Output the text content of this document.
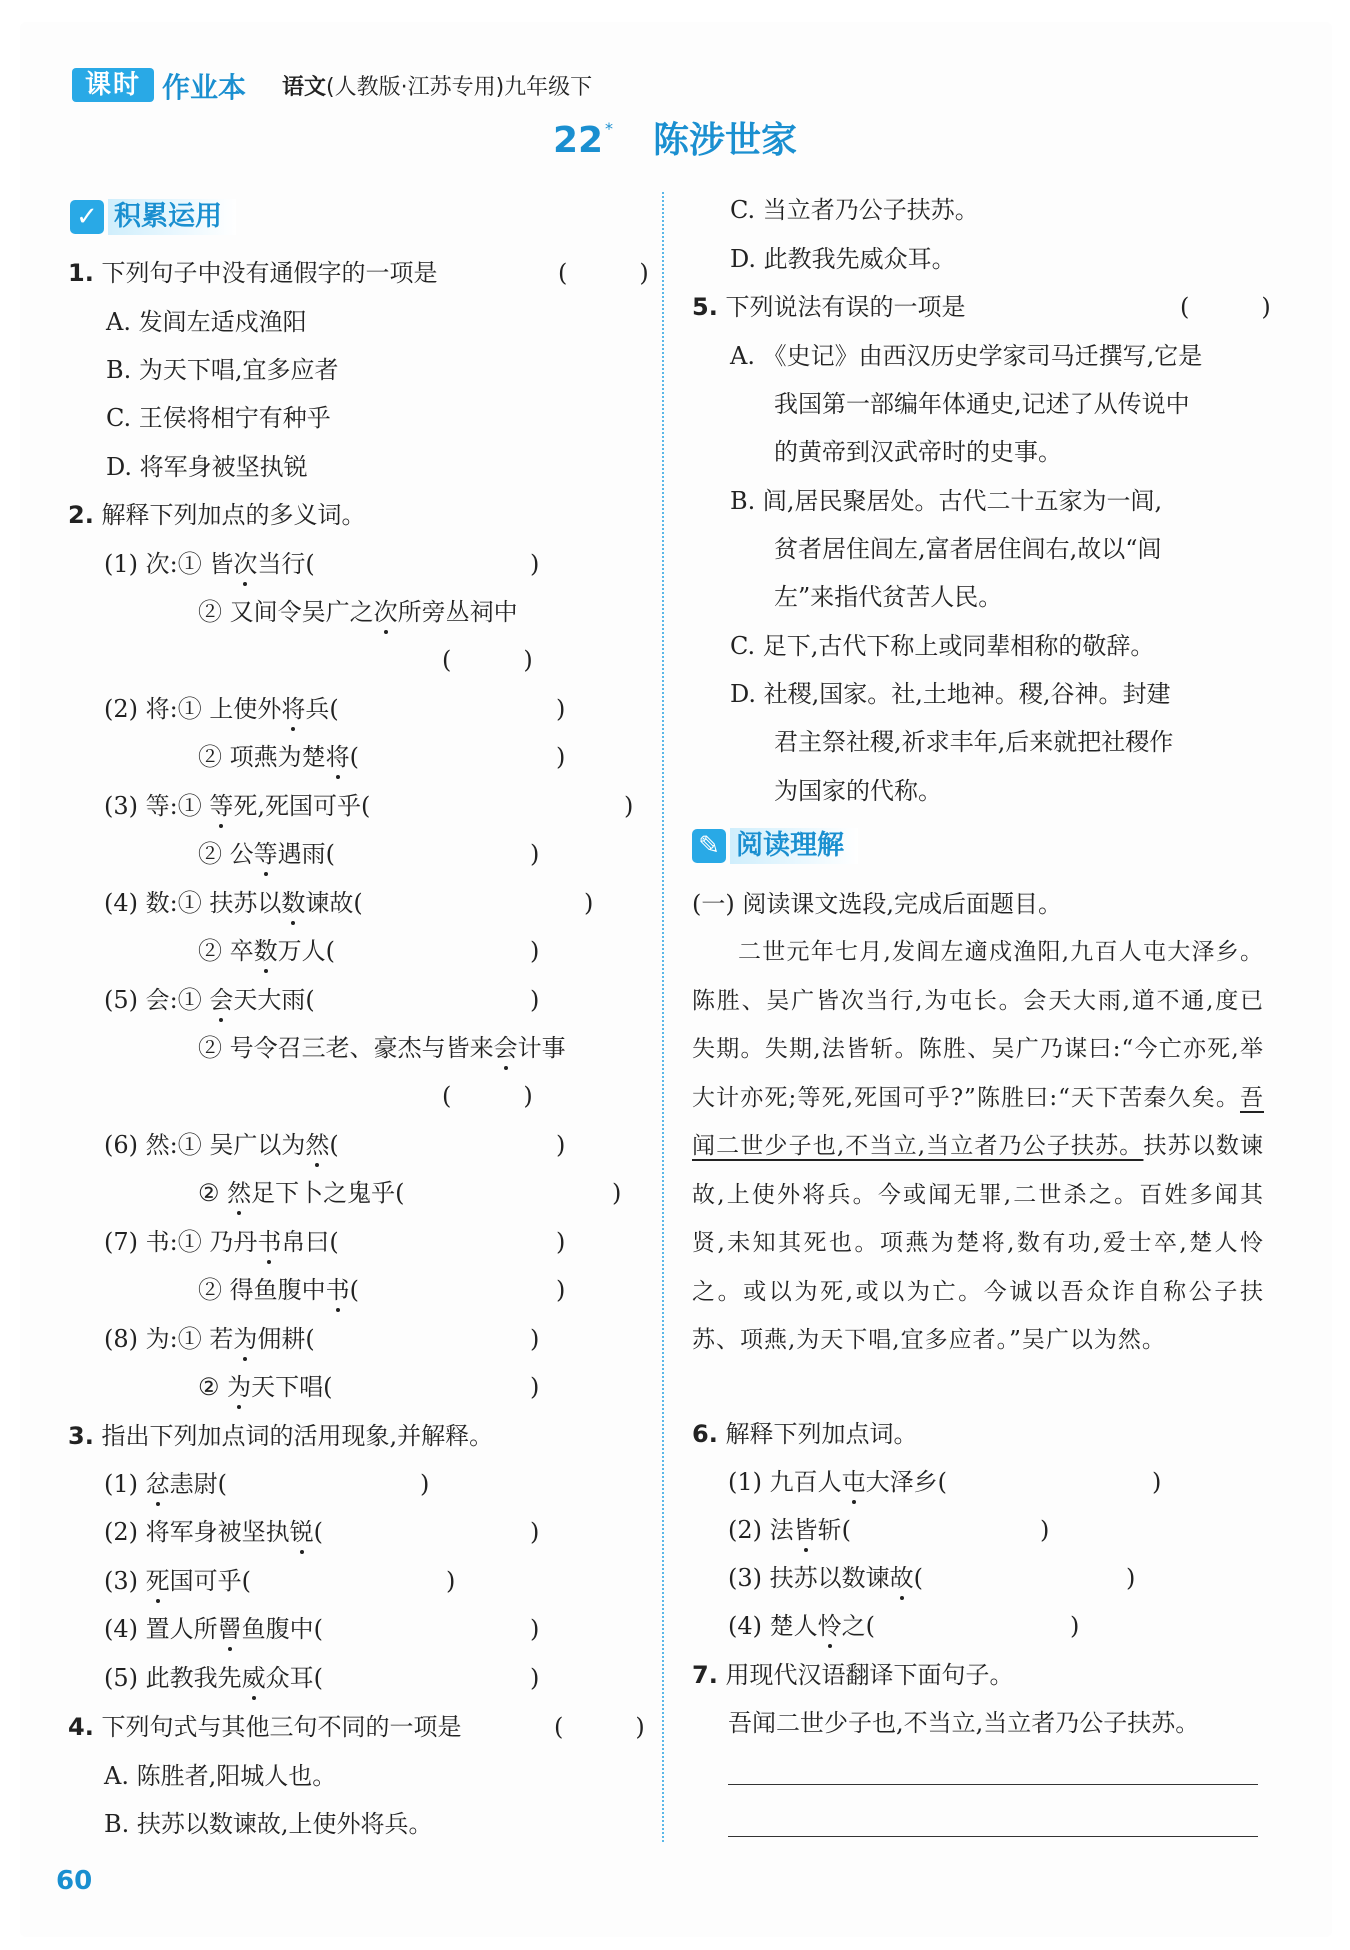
课时 作业本 语文(人教版·江苏专用)九年级下
22 * 陈涉世家
✓ 积累运用
1. 下列句子中没有通假字的一项是	(　　　)
A. 发闾左适戍渔阳
B. 为天下唱,宜多应者
C. 王侯将相宁有种乎
D. 将军身被坚执锐
2. 解释下列加点的多义词。
(1) 次:① 皆次当行(	)
② 又间令吴广之次所旁丛祠中
(　　　)
(2) 将:① 上使外将兵(	)
② 项燕为楚将(	)
(3) 等:① 等死,死国可乎(	)
② 公等遇雨(	)
(4) 数:① 扶苏以数谏故(	)
② 卒数万人(	)
(5) 会:① 会天大雨(	)
② 号令召三老、豪杰与皆来会计事
(　　　)
(6) 然:① 吴广以为然(	)
② 然足下卜之鬼乎(	)
(7) 书:① 乃丹书帛曰(	)
② 得鱼腹中书(	)
(8) 为:① 若为佣耕(	)
② 为天下唱(	)
3. 指出下列加点词的活用现象,并解释。
(1) 忿恚尉(	)
(2) 将军身被坚执锐(	)
(3) 死国可乎(	)
(4) 置人所罾鱼腹中(	)
(5) 此教我先威众耳(	)
4. 下列句式与其他三句不同的一项是	(　　　)
A. 陈胜者,阳城人也。
B. 扶苏以数谏故,上使外将兵。
C. 当立者乃公子扶苏。
D. 此教我先威众耳。
5. 下列说法有误的一项是	(　　　)
A. 《史记》由西汉历史学家司马迁撰写,它是
我国第一部编年体通史,记述了从传说中
的黄帝到汉武帝时的史事。
B. 闾,居民聚居处。古代二十五家为一闾,
贫者居住闾左,富者居住闾右,故以“闾
左”来指代贫苦人民。
C. 足下,古代下称上或同辈相称的敬辞。
D. 社稷,国家。社,土地神。稷,谷神。封建
君主祭社稷,祈求丰年,后来就把社稷作
为国家的代称。
✎ 阅读理解
(一) 阅读课文选段,完成后面题目。
二世元年七月,发闾左適戍渔阳,九百人屯大泽乡。陈胜、吴广皆次当行,为屯长。会天大雨,道不通,度已失期。失期,法皆斩。陈胜、吴广乃谋曰:“今亡亦死,举大计亦死;等死,死国可乎?”陈胜曰:“天下苦秦久矣。吾闻二世少子也,不当立,当立者乃公子扶苏。扶苏以数谏故,上使外将兵。今或闻无罪,二世杀之。百姓多闻其贤,未知其死也。项燕为楚将,数有功,爱士卒,楚人怜之。或以为死,或以为亡。今诚以吾众诈自称公子扶苏、项燕,为天下唱,宜多应者。”吴广以为然。
6. 解释下列加点词。
(1) 九百人屯大泽乡(	)
(2) 法皆斩(	)
(3) 扶苏以数谏故(	)
(4) 楚人怜之(	)
7. 用现代汉语翻译下面句子。
吾闻二世少子也,不当立,当立者乃公子扶苏。
60
